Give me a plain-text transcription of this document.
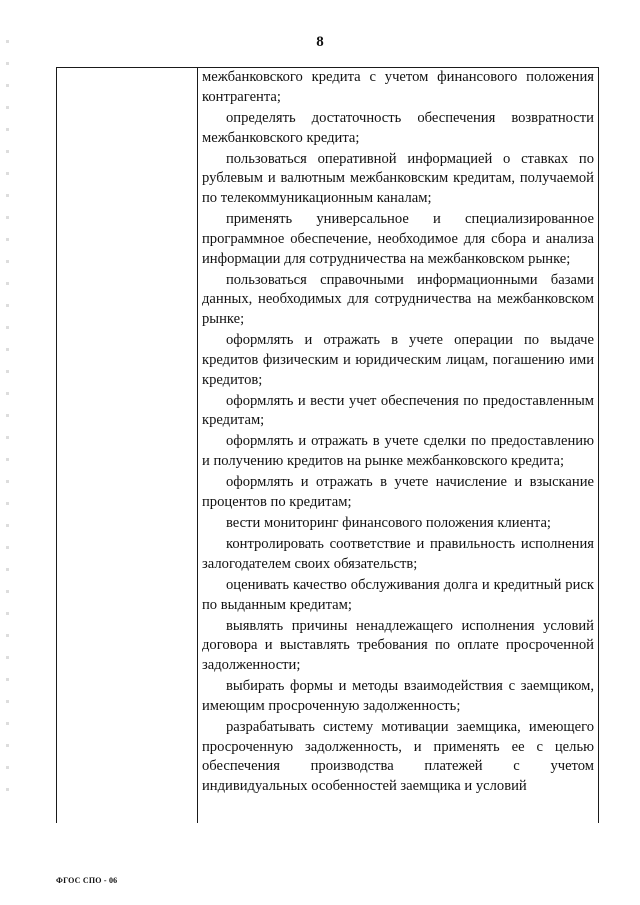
8

межбанковского кредита с учетом финансового положения контрагента;

определять достаточность обеспечения возвратности межбанковского кредита;

пользоваться оперативной информацией о ставках по рублевым и валютным межбанковским кредитам, получаемой по телекоммуникационным каналам;

применять универсальное и специализированное программное обеспечение, необходимое для сбора и анализа информации для сотрудничества на межбанковском рынке;

пользоваться справочными информационными базами данных, необходимых для сотрудничества на межбанковском рынке;

оформлять и отражать в учете операции по выдаче кредитов физическим и юридическим лицам, погашению ими кредитов;

оформлять и вести учет обеспечения по предоставленным кредитам;

оформлять и отражать в учете сделки по предоставлению и получению кредитов на рынке межбанковского кредита;

оформлять и отражать в учете начисление и взыскание процентов по кредитам;

вести мониторинг финансового положения клиента;

контролировать соответствие и правильность исполнения залогодателем своих обязательств;

оценивать качество обслуживания долга и кредитный риск по выданным кредитам;

выявлять причины ненадлежащего исполнения условий договора и выставлять требования по оплате просроченной задолженности;

выбирать формы и методы взаимодействия с заемщиком, имеющим просроченную задолженность;

разрабатывать систему мотивации заемщика, имеющего просроченную задолженность, и применять ее с целью обеспечения производства платежей с учетом индивидуальных особенностей заемщика и условий

ФГОС СПО - 06
